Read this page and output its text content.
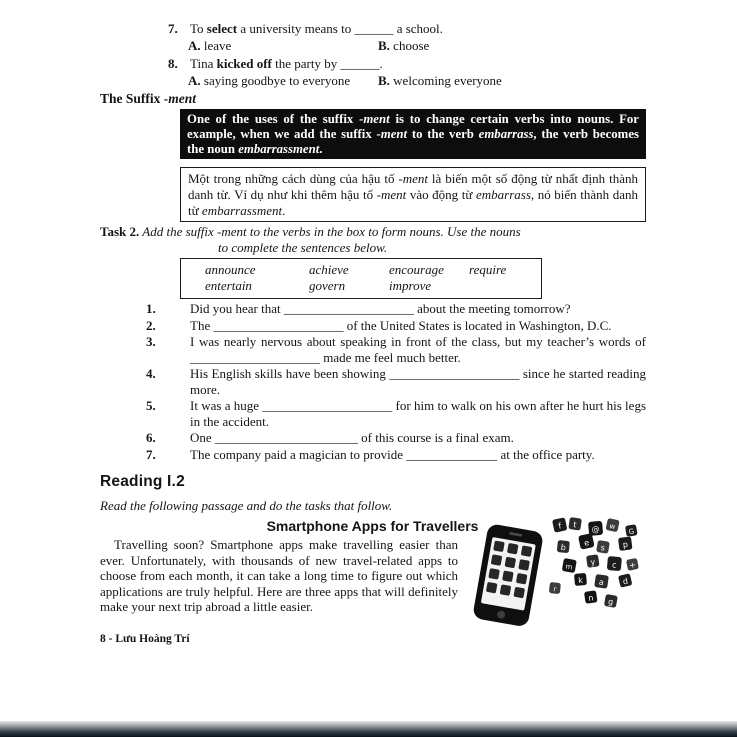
7. To select a university means to ______ a school.
A. leave	B. choose
8. Tina kicked off the party by ______.
A. saying goodbye to everyone B. welcoming everyone
The Suffix -ment
One of the uses of the suffix -ment is to change certain verbs into nouns. For example, when we add the suffix -ment to the verb embarrass, the verb becomes the noun embarrassment.
Một trong những cách dùng của hậu tố -ment là biến một số động từ nhất định thành danh từ. Ví dụ như khi thêm hậu tố -ment vào động từ embarrass, nó biến thành danh từ embarrassment.
Task 2. Add the suffix -ment to the verbs in the box to form nouns. Use the nouns
to complete the sentences below.
announce	achieve	encourage	require
entertain	govern	improve
1.	Did you hear that ____________________ about the meeting tomorrow?
2.	The ____________________ of the United States is located in Washington, D.C.
3.	I was nearly nervous about speaking in front of the class, but my teacher’s words of ____________________ made me feel much better.
4.	His English skills have been showing ____________________ since he started reading more.
5.	It was a huge ____________________ for him to walk on his own after he hurt his legs in the accident.
6.	One ______________________ of this course is a final exam.
7.	The company paid a magician to provide ______________ at the office party.
Reading I.2
Read the following passage and do the tasks that follow.
Smartphone Apps for Travellers

Travelling soon? Smartphone apps make travelling easier than ever. Unfortunately, with thousands of new travel-related apps to choose from each month, it can take a long time to figure out which applications are truly helpful. Here are three apps that will definitely make your next trip abroad a little easier.

f t @ w
G
b e
s p
m
y c +
k a d
r
n g
8 - Lưu Hoàng Trí
